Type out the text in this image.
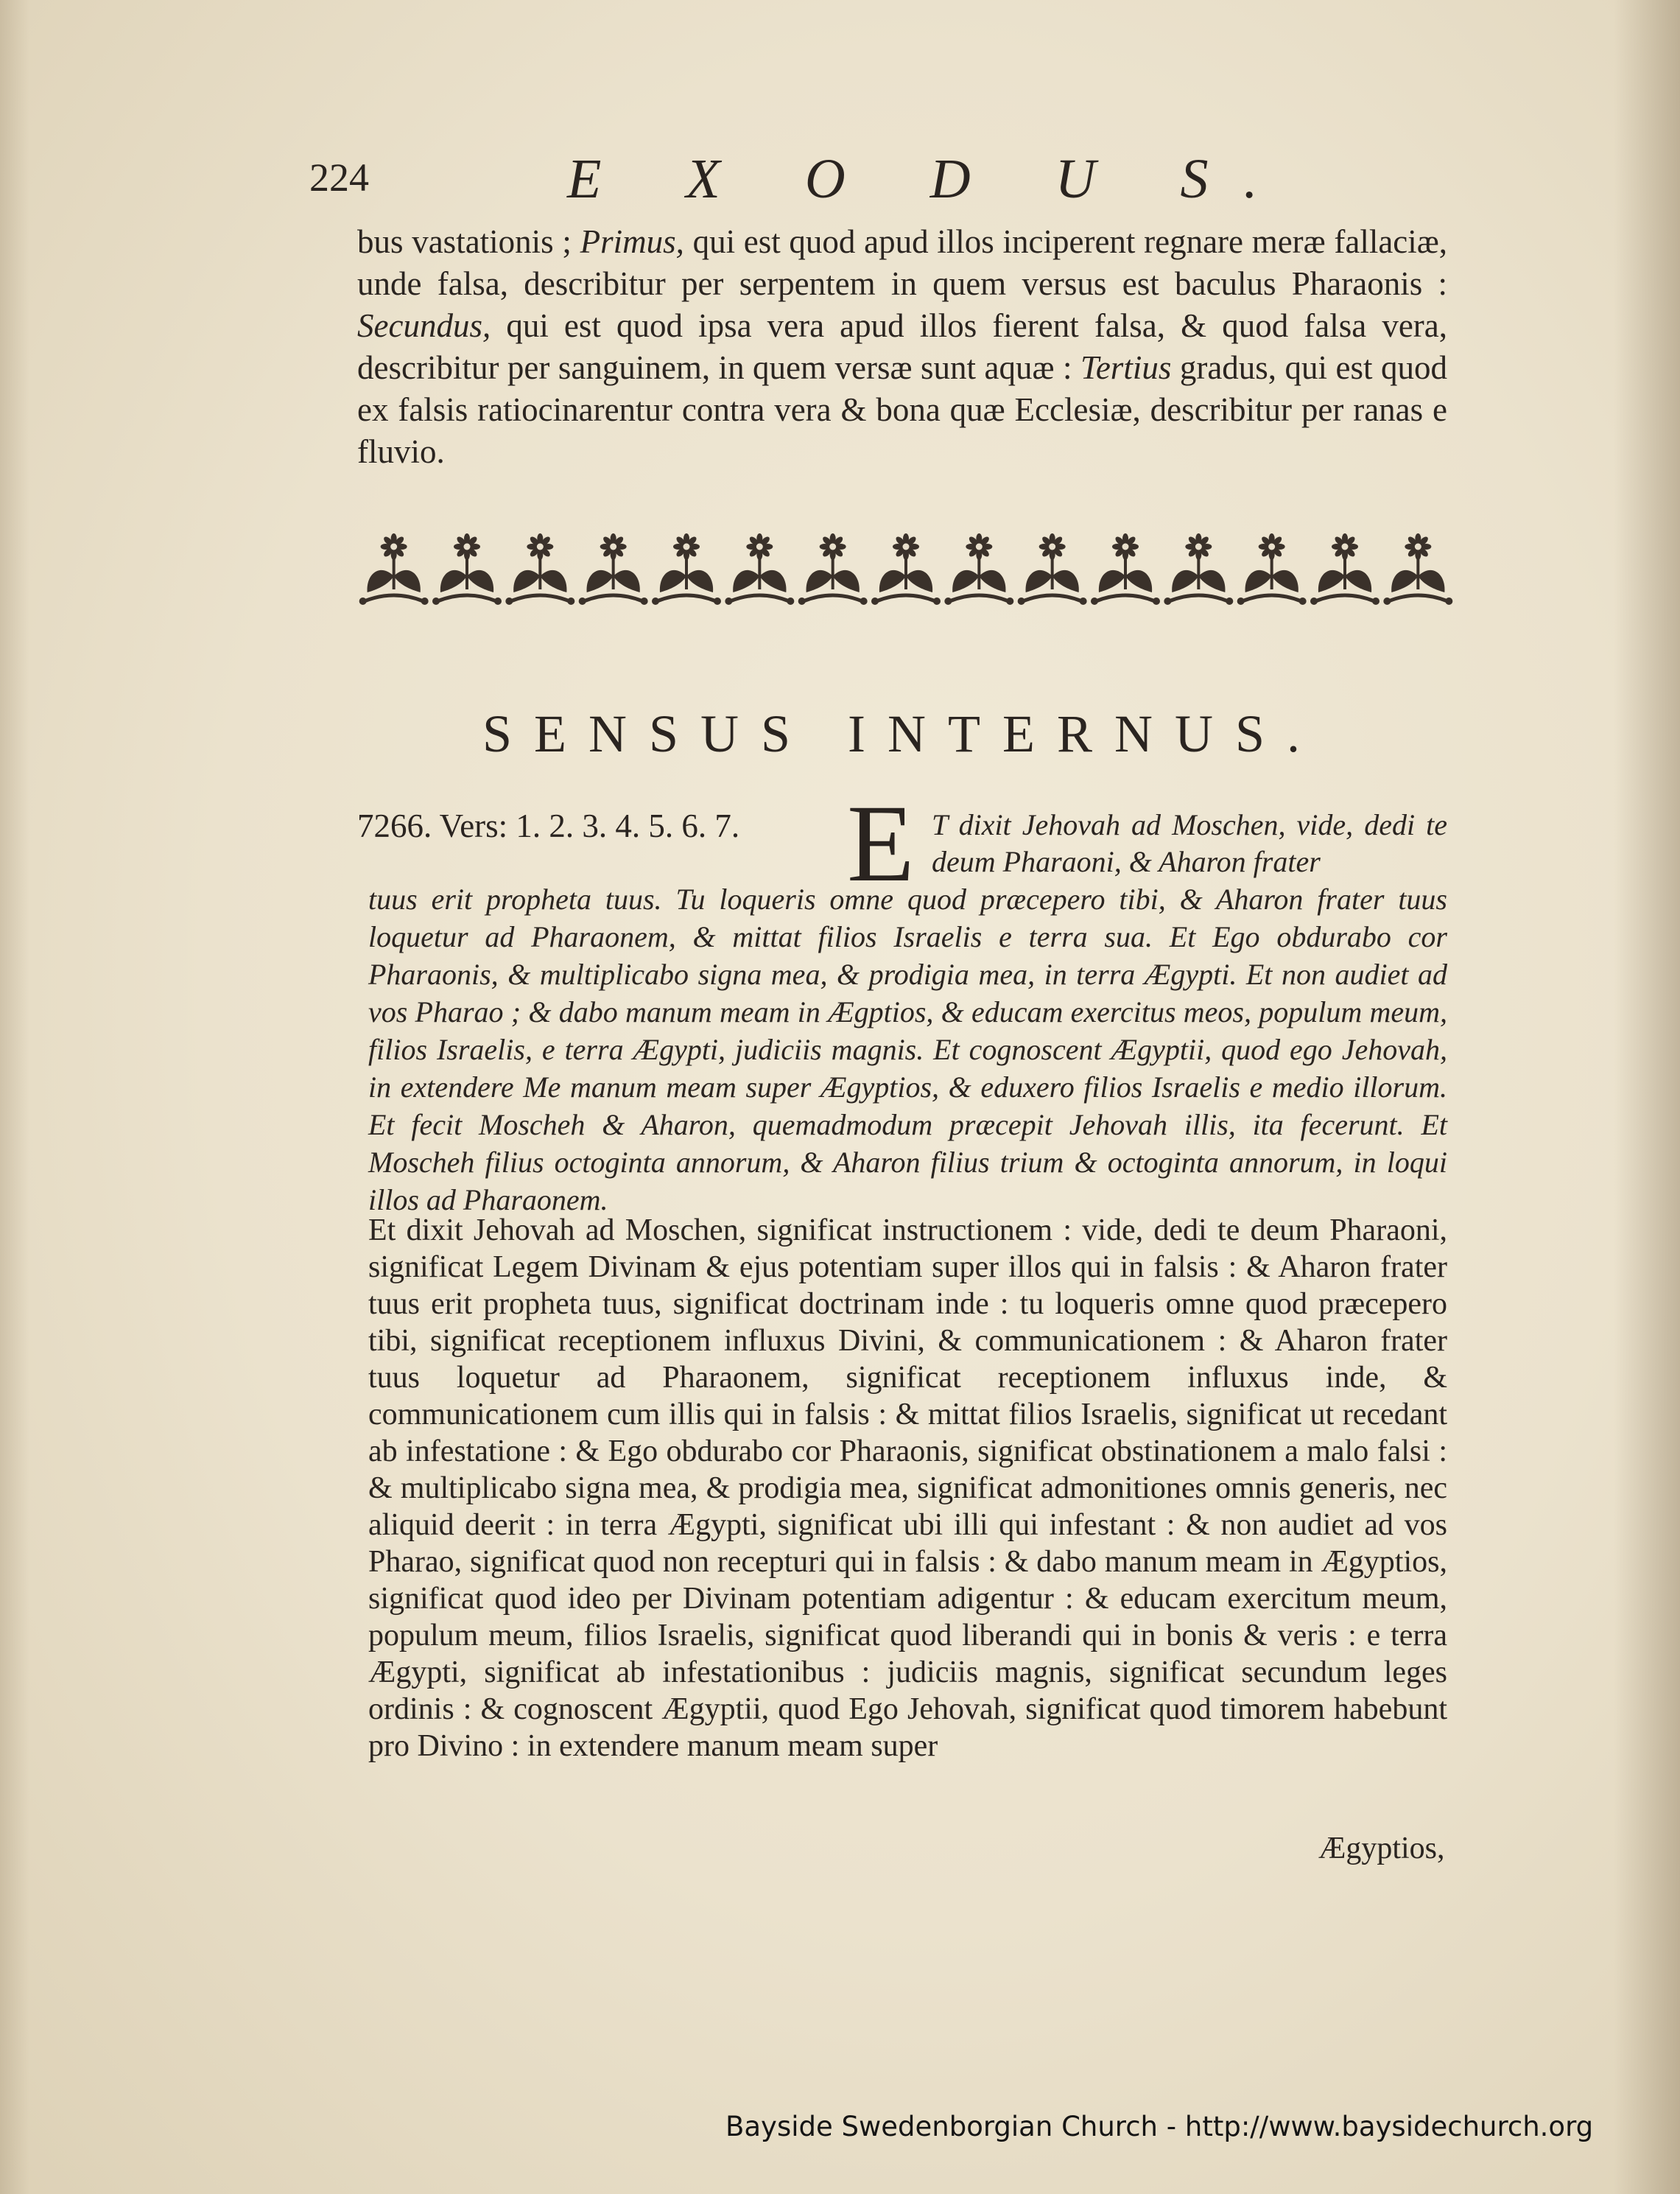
224	E X O D U S.
bus vastationis ; Primus, qui est quod apud illos inciperent regnare meræ fallaciæ, unde falsa, describitur per serpentem in quem versus est baculus Pharaonis : Secundus, qui est quod ipsa vera apud illos fierent falsa, & quod falsa vera, describitur per sanguinem, in quem versæ sunt aquæ : Tertius gradus, qui est quod ex falsis ratiocinarentur contra vera & bona quæ Ecclesiæ, describitur per ranas e fluvio.
SENSUS INTERNUS.
7266. Vers: 1. 2. 3. 4. 5. 6. 7. E T dixit Jehovah ad Moschen, vide, dedi te deum Pharaoni, & Aharon frater
tuus erit propheta tuus. Tu loqueris omne quod præcepero tibi, & Aharon frater tuus loquetur ad Pharaonem, & mittat filios Israelis e terra sua. Et Ego obdurabo cor Pharaonis, & multiplicabo signa mea, & prodigia mea, in terra Ægypti. Et non audiet ad vos Pharao ; & dabo manum meam in Ægptios, & educam exercitus meos, populum meum, filios Israelis, e terra Ægypti, judiciis magnis. Et cognoscent Ægyptii, quod ego Jehovah, in extendere Me manum meam super Ægyptios, & eduxero filios Israelis e medio illorum. Et fecit Moscheh & Aharon, quemadmodum præcepit Jehovah illis, ita fecerunt. Et Moscheh filius octoginta annorum, & Aharon filius trium & octoginta annorum, in loqui illos ad Pharaonem.
Et dixit Jehovah ad Moschen, significat instructionem : vide, dedi te deum Pharaoni, significat Legem Divinam & ejus potentiam super illos qui in falsis : & Aharon frater tuus erit propheta tuus, significat doctrinam inde : tu loqueris omne quod præcepero tibi, significat receptionem influxus Divini, & communicationem : & Aharon frater tuus loquetur ad Pharaonem, significat receptionem influxus inde, & communicationem cum illis qui in falsis : & mittat filios Israelis, significat ut recedant ab infestatione : & Ego obdurabo cor Pharaonis, significat obstinationem a malo falsi : & multiplicabo signa mea, & prodigia mea, significat admonitiones omnis generis, nec aliquid deerit : in terra Ægypti, significat ubi illi qui infestant : & non audiet ad vos Pharao, significat quod non recepturi qui in falsis : & dabo manum meam in Ægyptios, significat quod ideo per Divinam potentiam adigentur : & educam exercitum meum, populum meum, filios Israelis, significat quod liberandi qui in bonis & veris : e terra Ægypti, significat ab infestationibus : judiciis magnis, significat secundum leges ordinis : & cognoscent Ægyptii, quod Ego Jehovah, significat quod timorem habebunt pro Divino : in extendere manum meam super
Ægyptios,
Bayside Swedenborgian Church - http://www.baysidechurch.org
